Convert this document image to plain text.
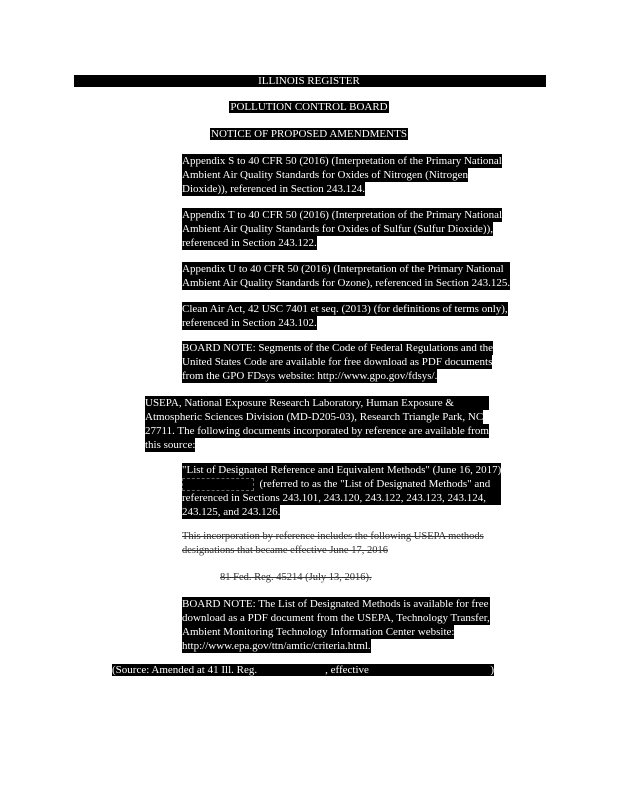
ILLINOIS REGISTER
POLLUTION CONTROL BOARD
NOTICE OF PROPOSED AMENDMENTS
Appendix S to 40 CFR 50 (2016) (Interpretation of the Primary National
Ambient Air Quality Standards for Oxides of Nitrogen (Nitrogen
Dioxide)), referenced in Section 243.124.
Appendix T to 40 CFR 50 (2016) (Interpretation of the Primary National
Ambient Air Quality Standards for Oxides of Sulfur (Sulfur Dioxide)),
referenced in Section 243.122.
Appendix U to 40 CFR 50 (2016) (Interpretation of the Primary National
Ambient Air Quality Standards for Ozone), referenced in Section 243.125.
Clean Air Act, 42 USC 7401 et seq. (2013) (for definitions of terms only),
referenced in Section 243.102.
BOARD NOTE: Segments of the Code of Federal Regulations and the
United States Code are available for free download as PDF documents
from the GPO FDsys website: http://www.gpo.gov/fdsys/.
USEPA, National Exposure Research Laboratory, Human Exposure &
Atmospheric Sciences Division (MD-D205-03), Research Triangle Park, NC
27711. The following documents incorporated by reference are available from
this source:
"List of Designated Reference and Equivalent Methods" (June 16, 2017)
(referred to as the "List of Designated Methods" and
referenced in Sections 243.101, 243.120, 243.122, 243.123, 243.124,
243.125, and 243.126.
This incorporation by reference includes the following USEPA methods
designations that became effective June 17, 2016
81 Fed. Reg. 45214 (July 13, 2016).
BOARD NOTE: The List of Designated Methods is available for free
download as a PDF document from the USEPA, Technology Transfer,
Ambient Monitoring Technology Information Center website:
http://www.epa.gov/ttn/amtic/criteria.html.
(Source: Amended at 41 Ill. Reg.	, effective	)
